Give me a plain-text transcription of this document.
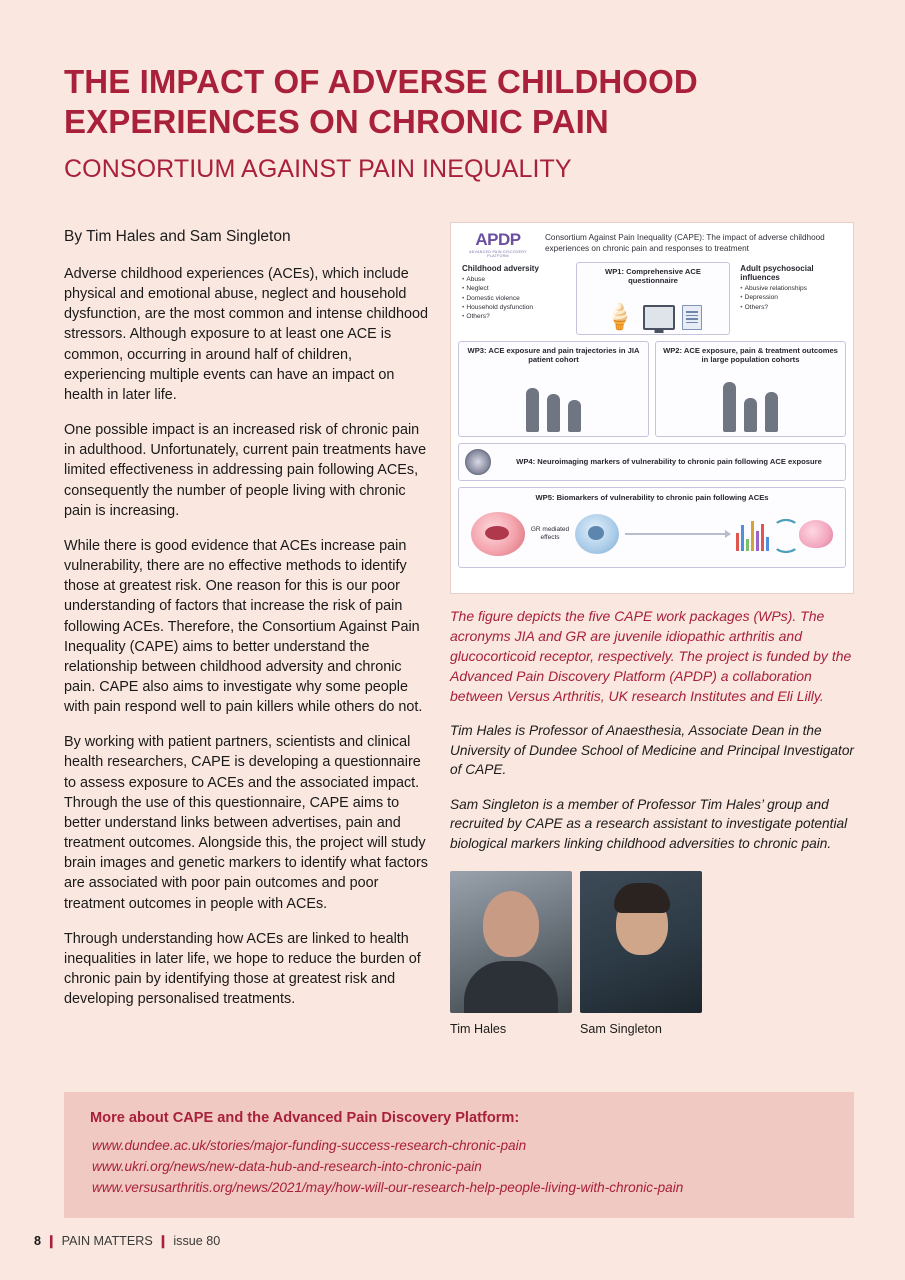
THE IMPACT OF ADVERSE CHILDHOOD EXPERIENCES ON CHRONIC PAIN
CONSORTIUM AGAINST PAIN INEQUALITY
By Tim Hales and Sam Singleton

Adverse childhood experiences (ACEs), which include physical and emotional abuse, neglect and household dysfunction, are the most common and intense childhood stressors. Although exposure to at least one ACE is common, occurring in around half of children, experiencing multiple events can have an impact on health in later life.

One possible impact is an increased risk of chronic pain in adulthood. Unfortunately, current pain treatments have limited effectiveness in addressing pain following ACEs, consequently the number of people living with chronic pain is increasing.

While there is good evidence that ACEs increase pain vulnerability, there are no effective methods to identify those at greatest risk. One reason for this is our poor understanding of factors that increase the risk of pain following ACEs. Therefore, the Consortium Against Pain Inequality (CAPE) aims to better understand the relationship between childhood adversity and chronic pain. CAPE also aims to investigate why some people with pain respond well to pain killers while others do not.

By working with patient partners, scientists and clinical health researchers, CAPE is developing a questionnaire to assess exposure to ACEs and the associated impact. Through the use of this questionnaire, CAPE aims to better understand links between advertises, pain and treatment outcomes. Alongside this, the project will study brain images and genetic markers to identify what factors are associated with poor pain outcomes and poor treatment outcomes in people with ACEs.

Through understanding how ACEs are linked to health inequalities in later life, we hope to reduce the burden of chronic pain by identifying those at greatest risk and developing personalised treatments.

APDP
ADVANCED PAIN DISCOVERY PLATFORM
Consortium Against Pain Inequality (CAPE): The impact of adverse childhood experiences on chronic pain and responses to treatment
Childhood adversity
• Abuse
• Neglect
• Domestic violence
• Household dysfunction
• Others?
WP1: Comprehensive ACE questionnaire
🍦
Adult psychosocial influences
• Abusive relationships
• Depression
• Others?
WP3: ACE exposure and pain trajectories in JIA patient cohort
WP2: ACE exposure, pain & treatment outcomes in large population cohorts
WP4: Neuroimaging markers of vulnerability to chronic pain following ACE exposure
WP5: Biomarkers of vulnerability to chronic pain following ACEs
GR mediated effects
The figure depicts the five CAPE work packages (WPs). The acronyms JIA and GR are juvenile idiopathic arthritis and glucocorticoid receptor, respectively. The project is funded by the Advanced Pain Discovery Platform (APDP) a collaboration between Versus Arthritis, UK research Institutes and Eli Lilly.
Tim Hales is Professor of Anaesthesia, Associate Dean in the University of Dundee School of Medicine and Principal Investigator of CAPE.
Sam Singleton is a member of Professor Tim Hales’ group and recruited by CAPE as a research assistant to investigate potential biological markers linking childhood adversities to chronic pain.
Tim Hales	Sam Singleton
More about CAPE and the Advanced Pain Discovery Platform:
www.dundee.ac.uk/stories/major-funding-success-research-chronic-pain
www.ukri.org/news/new-data-hub-and-research-into-chronic-pain
www.versusarthritis.org/news/2021/may/how-will-our-research-help-people-living-with-chronic-pain
8 ❙ PAIN MATTERS ❙ issue 80
